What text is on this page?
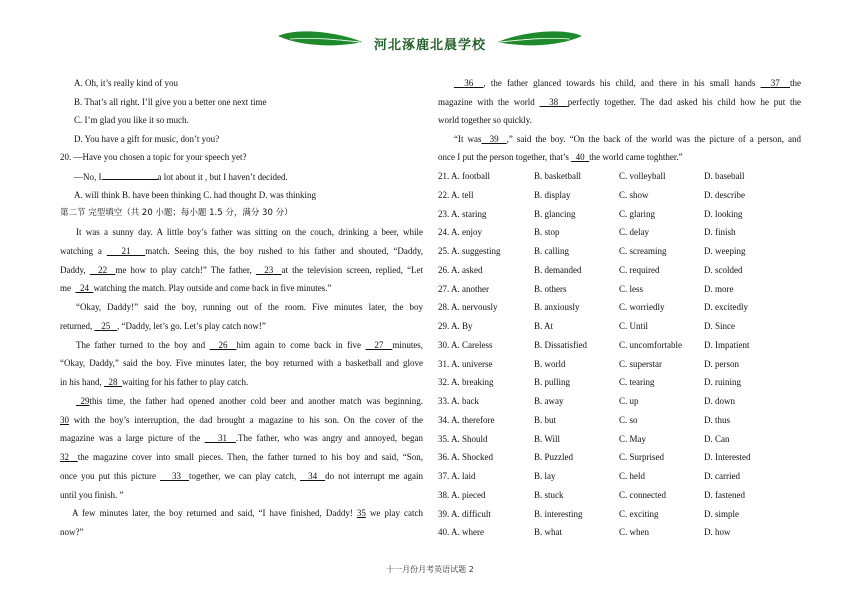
河北涿鹿北晨学校
A. Oh, it’s really kind of you
B. That’s all right. I’ll give you a better one next time
C. I’m glad you like it so much.
D. You have a gift for music, don’t you?
20. —Have you chosen a topic for your speech yet?
—No, I	a lot about it , but I haven’t decided.
A. will think B. have been thinking C. had thought D. was thinking
第二节 完型填空（共 20 小题；每小题 1.5 分，满分 30 分）
It was a sunny day. A little boy’s father was sitting on the couch, drinking a beer, while
watching a 21 match. Seeing this, the boy rushed to his father and shouted, “Daddy,
Daddy, 22 me how to play catch!” The father, 23 at the television screen, replied, “Let
me 24 watching the match. Play outside and come back in five minutes.”
“Okay, Daddy!” said the boy, running out of the room. Five minutes later, the boy
returned, 25 , “Daddy, let’s go. Let’s play catch now!”
The father turned to the boy and 26 him again to come back in five 27 minutes,
“Okay, Daddy,” said the boy. Five minutes later, the boy returned with a basketball and glove
in his hand, 28 waiting for his father to play catch.
29this time, the father had opened another cold beer and another match was beginning.
30 with the boy’s interruption, the dad brought a magazine to his son. On the cover of the
magazine was a large picture of the 31 .The father, who was angry and annoyed, began
32 the magazine cover into small pieces. Then, the father turned to his boy and said, “Son,
once you put this picture 33 together, we can play catch, 34 do not interrupt me again
until you finish. ”
A few minutes later, the boy returned and said, “I have finished, Daddy! 35 we play catch
now?”
36 , the father glanced towards his child, and there in his small hands 37 the
magazine with the world 38 perfectly together. The dad asked his child how he put the
world together so quickly.
“It was 39 ,” said the boy. “On the back of the world was the picture of a person, and
once I put the person together, that’s 40 the world came toghther.”
21. A. football	B. basketball	C. volleyball	D. baseball
22. A. tell	B. display	C. show	D. describe
23. A. staring	B. glancing	C. glaring	D. looking
24. A. enjoy	B. stop	C. delay	D. finish
25. A. suggesting	B. calling	C. screaming	D. weeping
26. A. asked	B. demanded	C. required	D. scolded
27. A. another	B. others	C. less	D. more
28. A. nervously	B. anxiously	C. worriedly	D. excitedly
29. A. By	B. At	C. Until	D. Since
30. A. Careless	B. Dissatisfied	C. uncomfortable D. Impatient
31. A. universe	B. world	C. superstar	D. person
32. A. breaking	B. pulling	C. tearing	D. ruining
33. A. back	B. away	C. up	D. down
34. A. therefore	B. but	C. so	D. thus
35. A. Should	B. Will	C. May	D. Can
36. A. Shocked	B. Puzzled	C. Surprised	D. Interested
37. A. laid	B. lay	C. held	D. carried
38. A. pieced	B. stuck	C. connected	D. fastened
39. A. difficult	B. interesting	C. exciting	D. simple
40. A. where	B. what	C. when	D. how
十一月份月考英语试题 2
